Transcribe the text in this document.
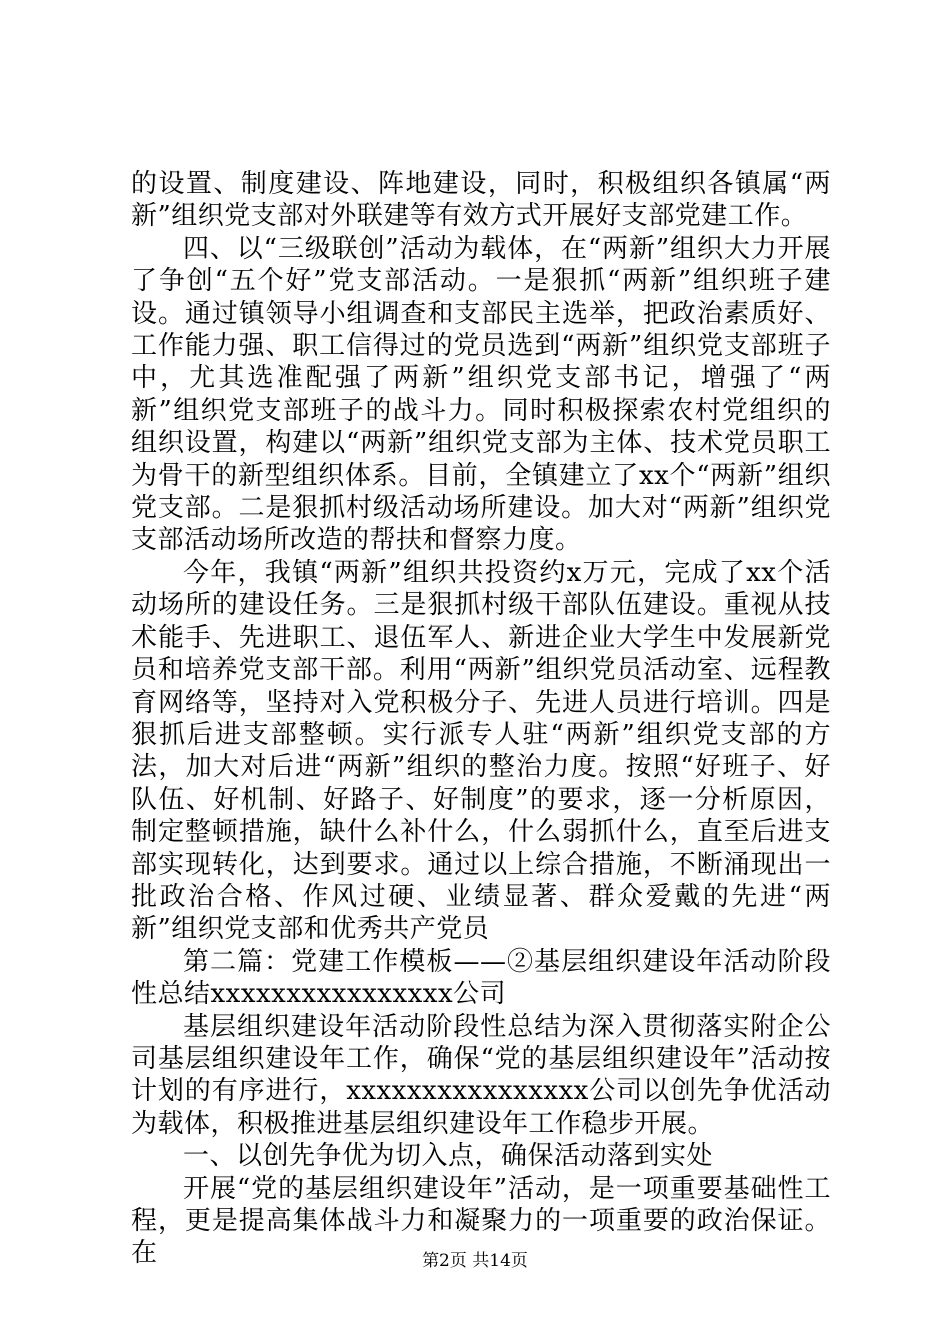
的设置、制度建设、阵地建设，同时，积极组织各镇属“两新”组织党支部对外联建等有效方式开展好支部党建工作。

四、以“三级联创”活动为载体，在“两新”组织大力开展了争创“五个好”党支部活动。一是狠抓“两新”组织班子建设。通过镇领导小组调查和支部民主选举，把政治素质好、工作能力强、职工信得过的党员选到“两新”组织党支部班子中，尤其选准配强了两新”组织党支部书记，增强了“两新”组织党支部班子的战斗力。同时积极探索农村党组织的组织设置，构建以“两新”组织党支部为主体、技术党员职工为骨干的新型组织体系。目前，全镇建立了xx个“两新”组织党支部。二是狠抓村级活动场所建设。加大对“两新”组织党支部活动场所改造的帮扶和督察力度。

今年，我镇“两新”组织共投资约x万元，完成了xx个活动场所的建设任务。三是狠抓村级干部队伍建设。重视从技术能手、先进职工、退伍军人、新进企业大学生中发展新党员和培养党支部干部。利用“两新”组织党员活动室、远程教育网络等，坚持对入党积极分子、先进人员进行培训。四是狠抓后进支部整顿。实行派专人驻“两新”组织党支部的方法，加大对后进“两新”组织的整治力度。按照“好班子、好队伍、好机制、好路子、好制度”的要求，逐一分析原因，制定整顿措施，缺什么补什么，什么弱抓什么，直至后进支部实现转化，达到要求。通过以上综合措施，不断涌现出一批政治合格、作风过硬、业绩显著、群众爱戴的先进“两新”组织党支部和优秀共产党员

第二篇：党建工作模板——②基层组织建设年活动阶段性总结xxxxxxxxxxxxxxxx公司

基层组织建设年活动阶段性总结为深入贯彻落实附企公司基层组织建设年工作，确保“党的基层组织建设年”活动按计划的有序进行，xxxxxxxxxxxxxxxx公司以创先争优活动为载体，积极推进基层组织建设年工作稳步开展。

一、以创先争优为切入点，确保活动落到实处

开展“党的基层组织建设年”活动，是一项重要基础性工程，更是提高集体战斗力和凝聚力的一项重要的政治保证。在	第2页 共14页
